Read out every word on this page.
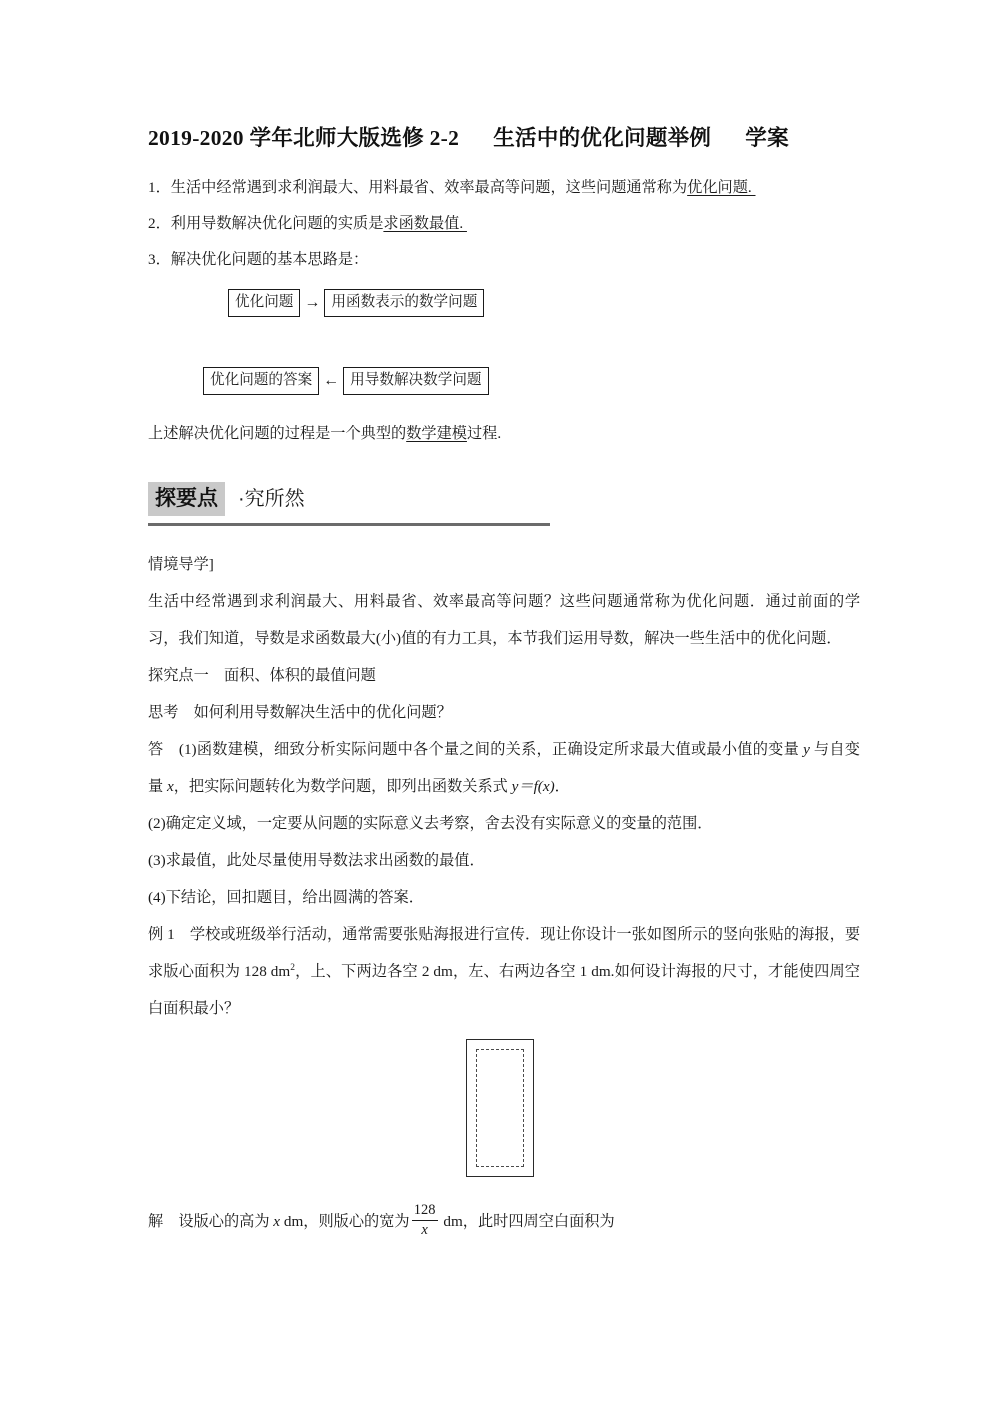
2019-2020 学年北师大版选修 2-2      生活中的优化问题举例      学案
1．生活中经常遇到求利润最大、用料最省、效率最高等问题，这些问题通常称为优化问题.
2．利用导数解决优化问题的实质是求函数最值.
3．解决优化问题的基本思路是：
优化问题 → 用函数表示的数学问题
优化问题的答案 ← 用导数解决数学问题
上述解决优化问题的过程是一个典型的数学建模过程.
探要点 ·究所然
情境导学]
生活中经常遇到求利润最大、用料最省、效率最高等问题？这些问题通常称为优化问题．通过前面的学习，我们知道，导数是求函数最大(小)值的有力工具，本节我们运用导数，解决一些生活中的优化问题．
探究点一　面积、体积的最值问题
思考　如何利用导数解决生活中的优化问题？
答　(1)函数建模，细致分析实际问题中各个量之间的关系，正确设定所求最大值或最小值的变量 y 与自变量 x，把实际问题转化为数学问题，即列出函数关系式 y＝f(x)．
(2)确定定义域，一定要从问题的实际意义去考察，舍去没有实际意义的变量的范围．
(3)求最值，此处尽量使用导数法求出函数的最值．
(4)下结论，回扣题目，给出圆满的答案．
例 1　学校或班级举行活动，通常需要张贴海报进行宣传．现让你设计一张如图所示的竖向张贴的海报，要求版心面积为 128 $dm^2$，上、下两边各空 2 dm，左、右两边各空 1 dm.如何设计海报的尺寸，才能使四周空白面积最小？
解　设版心的高为 x dm，则版心的宽为 $\frac{128}{x}$ dm， 此时四周空白面积为
